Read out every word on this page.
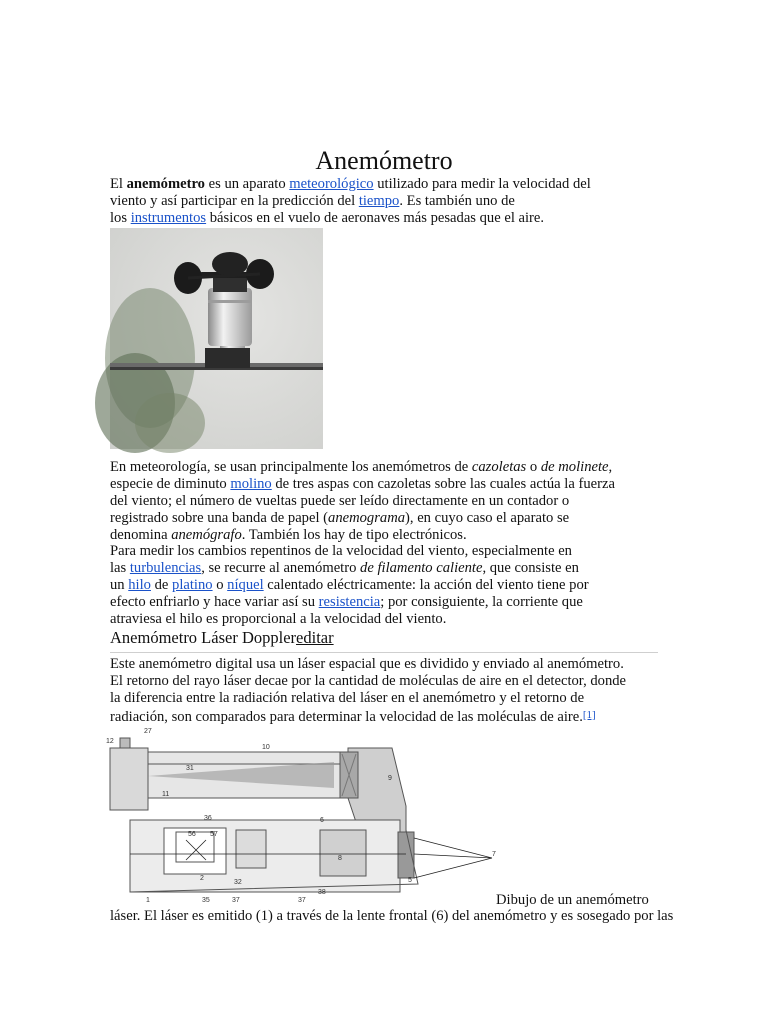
Anemómetro
El anemómetro es un aparato meteorológico utilizado para medir la velocidad del
viento y así participar en la predicción del tiempo. Es también uno de
los instrumentos básicos en el vuelo de aeronaves más pesadas que el aire.
En meteorología, se usan principalmente los anemómetros de cazoletas o de molinete,
especie de diminuto molino de tres aspas con cazoletas sobre las cuales actúa la fuerza
del viento; el número de vueltas puede ser leído directamente en un contador o
registrado sobre una banda de papel (anemograma), en cuyo caso el aparato se
denomina anemógrafo. También los hay de tipo electrónicos.
Para medir los cambios repentinos de la velocidad del viento, especialmente en
las turbulencias, se recurre al anemómetro de filamento caliente, que consiste en
un hilo de platino o níquel calentado eléctricamente: la acción del viento tiene por
efecto enfriarlo y hace variar así su resistencia; por consiguiente, la corriente que
atraviesa el hilo es proporcional a la velocidad del viento.
Anemómetro Láser Dopplereditar
Este anemómetro digital usa un láser espacial que es dividido y enviado al anemómetro.
El retorno del rayo láser decae por la cantidad de moléculas de aire en el detector, donde
la diferencia entre la radiación relativa del láser en el anemómetro y el retorno de
radiación, son comparados para determinar la velocidad de las moléculas de aire.[1]
27
12
10
31
9
11
36
56 57
8
2
7
1	35	37
32
37
6
38
5
Dibujo de un anemómetro
láser. El láser es emitido (1) a través de la lente frontal (6) del anemómetro y es sosegado por las
